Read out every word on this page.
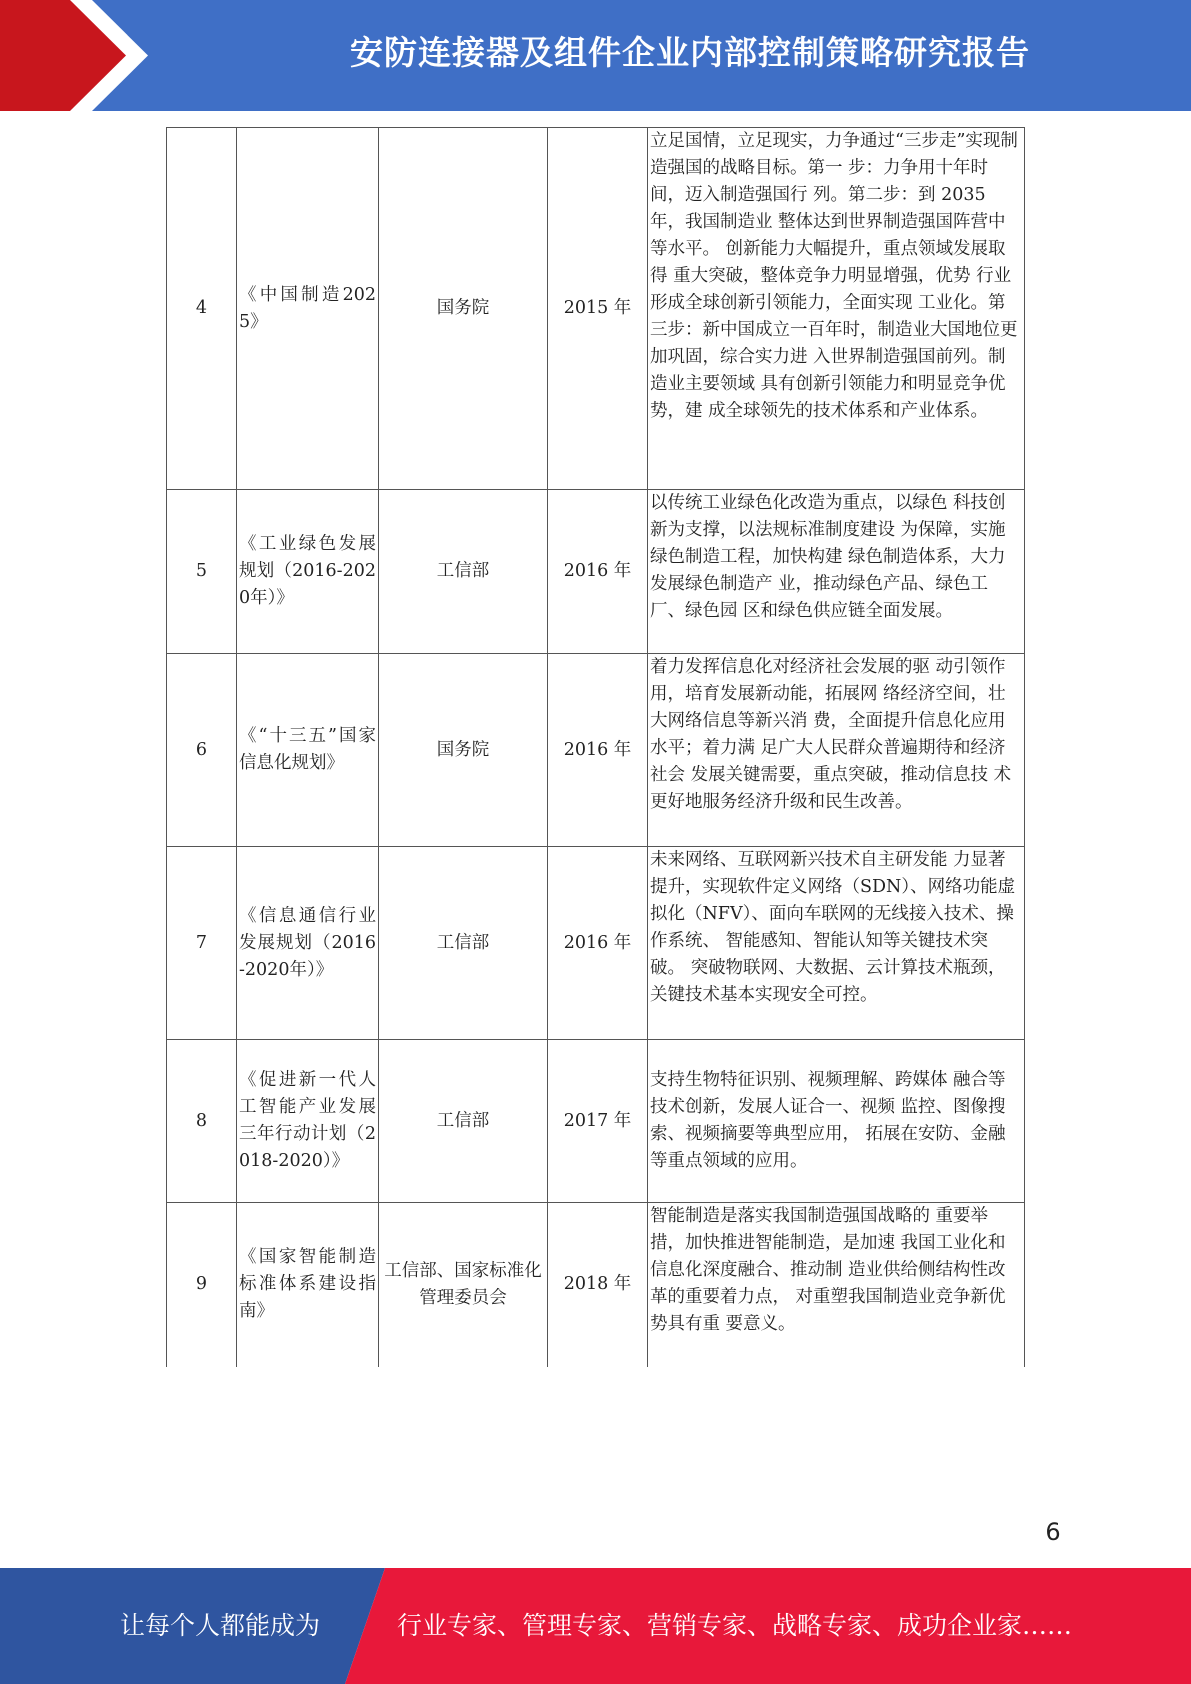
安防连接器及组件企业内部控制策略研究报告
4	《中国制造2025》	国务院	2015 年	立足国情，立足现实，力争通过“三步走”实现制造强国的战略目标。第一 步：力争用十年时间，迈入制造强国行 列。第二步：到 2035 年，我国制造业 整体达到世界制造强国阵营中等水平。 创新能力大幅提升，重点领域发展取得 重大突破，整体竞争力明显增强，优势 行业形成全球创新引领能力，全面实现 工业化。第三步：新中国成立一百年时，制造业大国地位更加巩固，综合实力进 入世界制造强国前列。制造业主要领域 具有创新引领能力和明显竞争优势，建 成全球领先的技术体系和产业体系。
5	《工业绿色发展规划（2016-2020年）》	工信部	2016 年	以传统工业绿色化改造为重点，以绿色 科技创新为支撑，以法规标准制度建设 为保障，实施绿色制造工程，加快构建 绿色制造体系，大力发展绿色制造产 业，推动绿色产品、绿色工厂、绿色园 区和绿色供应链全面发展。
6	《“十三五”国家信息化规划》	国务院	2016 年	着力发挥信息化对经济社会发展的驱 动引领作用，培育发展新动能，拓展网 络经济空间，壮大网络信息等新兴消 费，全面提升信息化应用水平；着力满 足广大人民群众普遍期待和经济社会 发展关键需要，重点突破，推动信息技 术更好地服务经济升级和民生改善。
7	《信息通信行业发展规划（2016-2020年）》	工信部	2016 年	未来网络、互联网新兴技术自主研发能 力显著提升，实现软件定义网络（SDN）、网络功能虚拟化（NFV）、面向车联网的无线接入技术、操作系统、 智能感知、智能认知等关键技术突破。 突破物联网、大数据、云计算技术瓶颈， 关键技术基本实现安全可控。
8	《促进新一代人工智能产业发展三年行动计划（2018-2020）》	工信部	2017 年	支持生物特征识别、视频理解、跨媒体 融合等技术创新，发展人证合一、视频 监控、图像搜索、视频摘要等典型应用， 拓展在安防、金融等重点领域的应用。
9	《国家智能制造标准体系建设指南》	工信部、国家标准化管理委员会	2018 年	智能制造是落实我国制造强国战略的 重要举措，加快推进智能制造，是加速 我国工业化和信息化深度融合、推动制 造业供给侧结构性改革的重要着力点， 对重塑我国制造业竞争新优势具有重 要意义。
6
让每个人都能成为	行业专家、管理专家、营销专家、战略专家、成功企业家……
